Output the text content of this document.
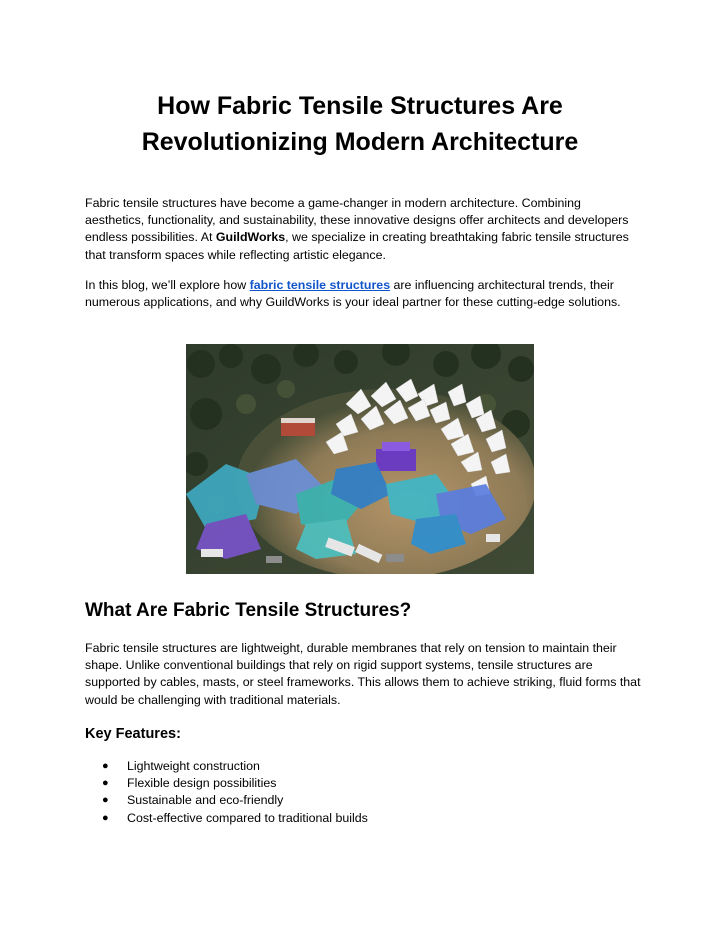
How Fabric Tensile Structures Are
Revolutionizing Modern Architecture

Fabric tensile structures have become a game-changer in modern architecture. Combining aesthetics, functionality, and sustainability, these innovative designs offer architects and developers endless possibilities. At GuildWorks, we specialize in creating breathtaking fabric tensile structures that transform spaces while reflecting artistic elegance.

In this blog, we’ll explore how fabric tensile structures are influencing architectural trends, their numerous applications, and why GuildWorks is your ideal partner for these cutting-edge solutions.

What Are Fabric Tensile Structures?

Fabric tensile structures are lightweight, durable membranes that rely on tension to maintain their shape. Unlike conventional buildings that rely on rigid support systems, tensile structures are supported by cables, masts, or steel frameworks. This allows them to achieve striking, fluid forms that would be challenging with traditional materials.

Key Features:
● Lightweight construction
● Flexible design possibilities
● Sustainable and eco-friendly
● Cost-effective compared to traditional builds
